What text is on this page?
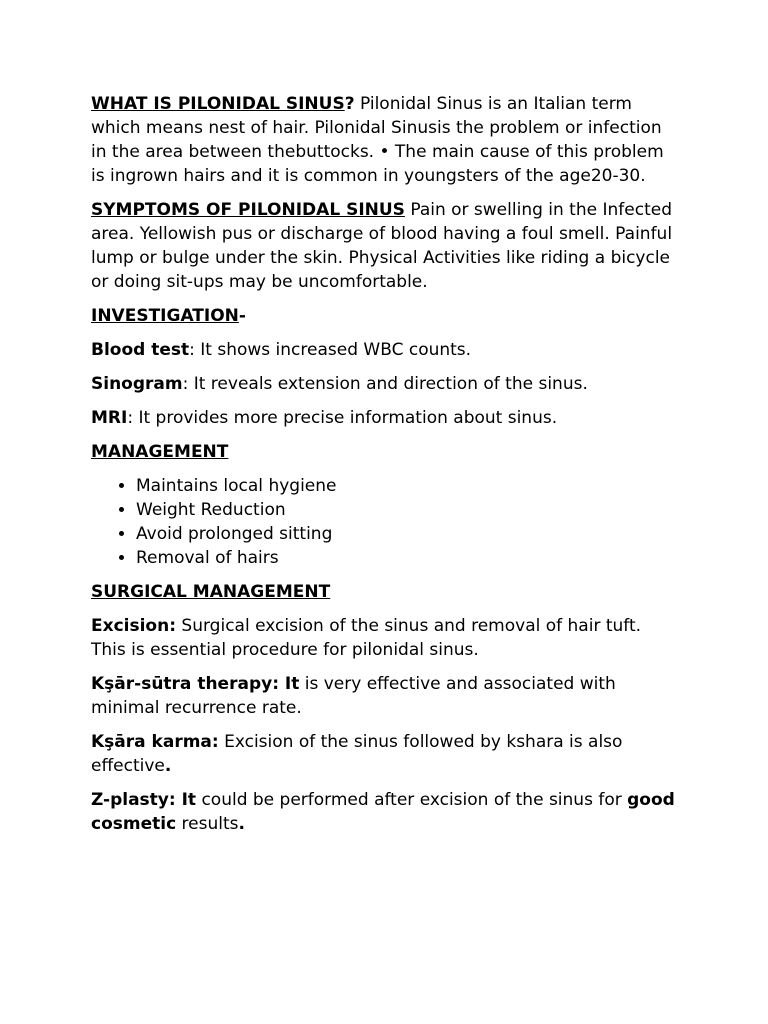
WHAT IS PILONIDAL SINUS? Pilonidal Sinus is an Italian term which means nest of hair. Pilonidal Sinusis the problem or infection in the area between thebuttocks. • The main cause of this problem is ingrown hairs and it is common in youngsters of the age20-30.

SYMPTOMS OF PILONIDAL SINUS Pain or swelling in the Infected area. Yellowish pus or discharge of blood having a foul smell. Painful lump or bulge under the skin. Physical Activities like riding a bicycle or doing sit-ups may be uncomfortable.

INVESTIGATION-

Blood test: It shows increased WBC counts.

Sinogram: It reveals extension and direction of the sinus.

MRI: It provides more precise information about sinus.

MANAGEMENT

• Maintains local hygiene
• Weight Reduction
• Avoid prolonged sitting
• Removal of hairs

SURGICAL MANAGEMENT

Excision: Surgical excision of the sinus and removal of hair tuft. This is essential procedure for pilonidal sinus.

Kşār-sūtra therapy: It is very effective and associated with minimal recurrence rate.

Kşāra karma: Excision of the sinus followed by kshara is also effective.

Z-plasty: It could be performed after excision of the sinus for good cosmetic results.
